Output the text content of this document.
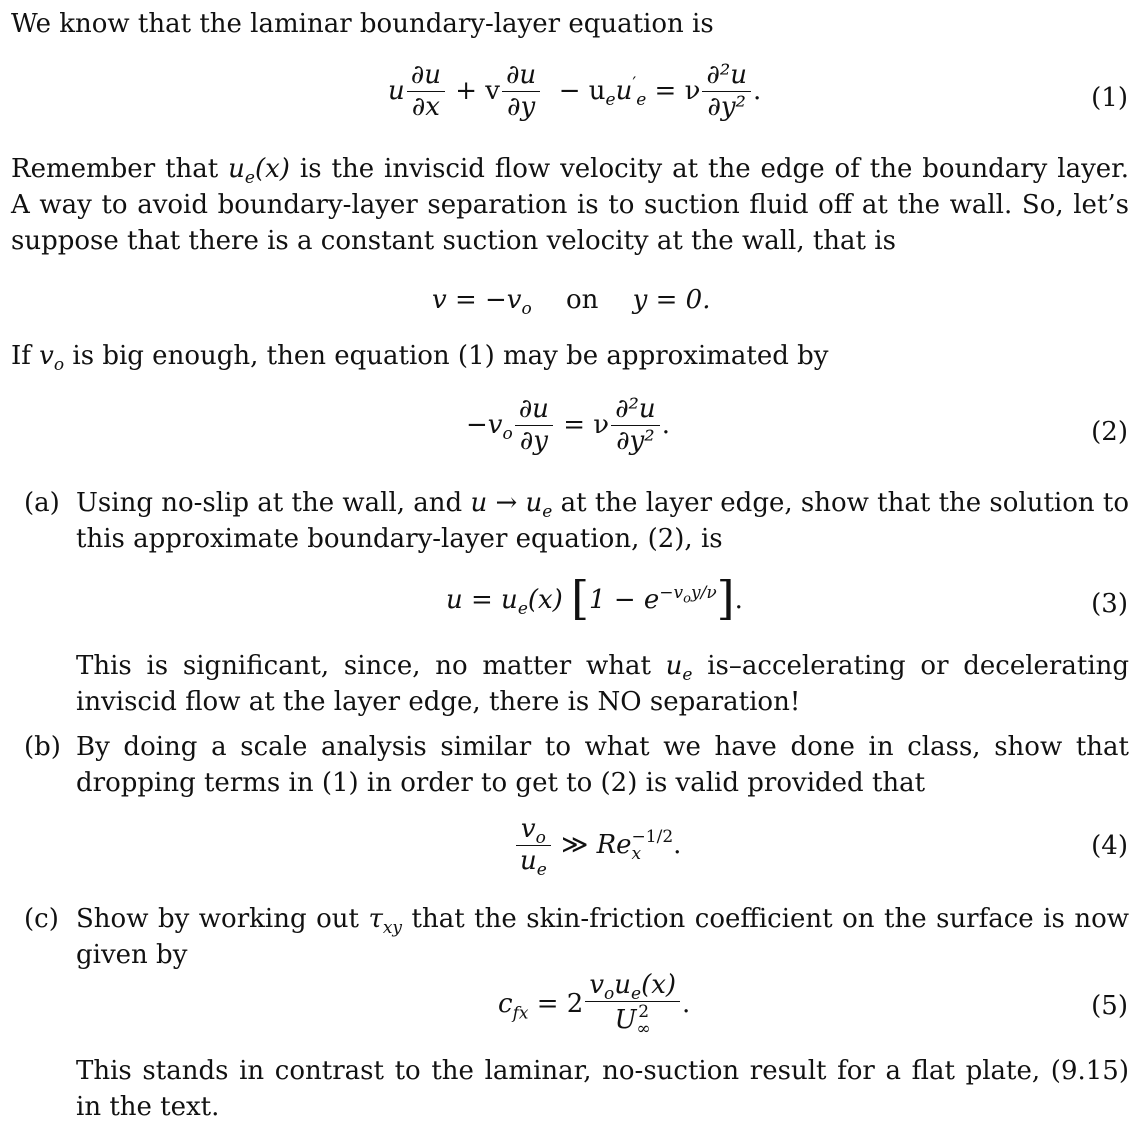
We know that the laminar boundary-layer equation is

u $\frac{\partial u}{\partial x} + v \frac{\partial u}{\partial y} - u_eu'_e = \nu \frac{\text{∂²u}}{\text{∂y²}}$ .	(1)

Remember that $u_e(x)$ is the inviscid flow velocity at the edge of the boundary layer. A way to avoid boundary-layer separation is to suction fluid off at the wall. So, let’s suppose that there is a constant suction velocity at the wall, that is

$v = -v_o$ on y = 0.

If $v_o$ is big enough, then equation (1) may be approximated by

$-v_o \frac{\partial u}{\partial y} = \nu \frac{\text{∂²u}}{\text{∂y²}}$ .	(2)
(a) Using no-slip at the wall, and $u \to u_e$ at the layer edge, show that the solution to this approximate boundary-layer equation, (2), is
$u = u_e(x) [1 - e^{-v_oy/\nu}]$.	(3)
This is significant, since, no matter what $u_e$ is–accelerating or decelerating inviscid flow at the layer edge, there is NO separation!
(b) By doing a scale analysis similar to what we have done in class, show that dropping terms in (1) in order to get to (2) is valid provided that
$\frac{v_o}{u_e}$ ≫ Re −1/2
x	.	(4)
(c) Show by working out $\tau_{xy}$ that the skin-friction coefficient on the surface is now given by
$c_{fx} = 2$ $v_ou_e(x)$
U 2
∞ .	(5)
This stands in contrast to the laminar, no-suction result for a flat plate, (9.15) in the text.
